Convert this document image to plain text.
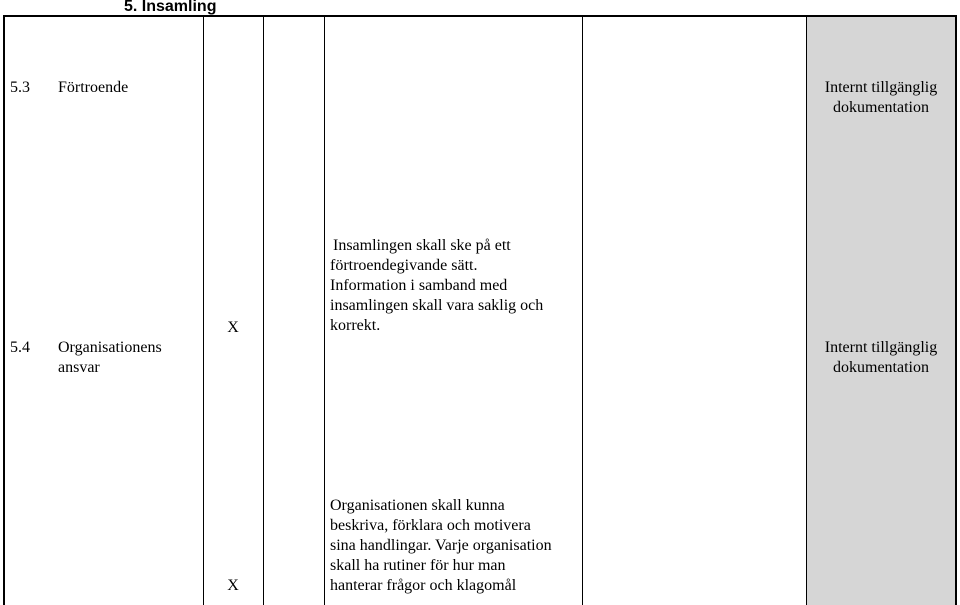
5. Insamling
5.3 Förtroende	Internt tillgänglig
dokumentation
5.4 Organisationens
ansvar
X
Insamlingen skall ske på ett
förtroendegivande sätt.
Information i samband med
insamlingen skall vara saklig och
korrekt.
Internt tillgänglig
dokumentation
X
Organisationen skall kunna
beskriva, förklara och motivera
sina handlingar. Varje organisation
skall ha rutiner för hur man
hanterar frågor och klagomål
